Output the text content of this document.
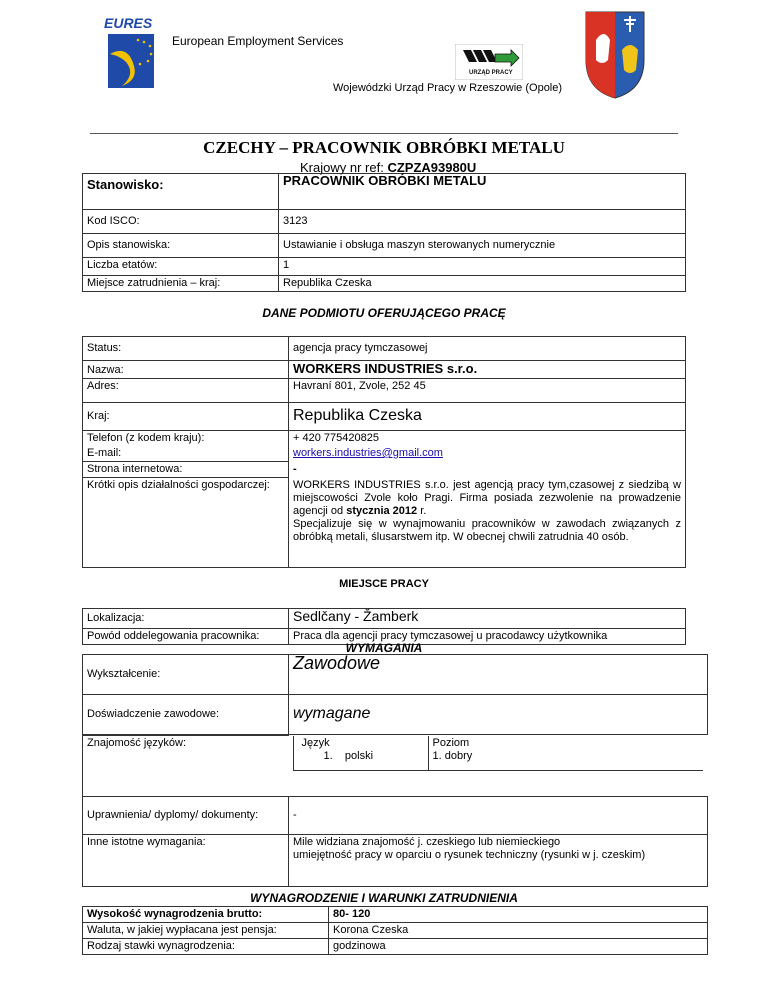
EURES
European Employment Services
URZĄD PRACY
Wojewódzki Urząd Pracy w Rzeszowie (Opole)
CZECHY – PRACOWNIK OBRÓBKI METALU
Krajowy nr ref: CZPZA93980U
Stanowisko:	PRACOWNIK OBRÓBKI METALU
Kod ISCO:	3123
Opis stanowiska:	Ustawianie i obsługa maszyn sterowanych numerycznie
Liczba etatów:	1
Miejsce zatrudnienia – kraj:	Republika Czeska
DANE PODMIOTU OFERUJĄCEGO PRACĘ
Status:	agencja pracy tymczasowej
Nazwa:	WORKERS INDUSTRIES s.r.o.
Adres:	Havraní 801, Zvole, 252 45
Kraj:	Republika Czeska
Telefon (z kodem kraju):	+ 420 775420825
E-mail:	workers.industries@gmail.com
Strona internetowa:	-
Krótki opis działalności gospodarczej:	WORKERS INDUSTRIES s.r.o. jest agencją pracy tym,czasowej z siedzibą w miejscowości Zvole koło Pragi. Firma posiada zezwolenie na prowadzenie agencji od stycznia 2012 r.
Specjalizuje się w wynajmowaniu pracowników w zawodach związanych z obróbką metali, ślusarstwem itp. W obecnej chwili zatrudnia 40 osób.
MIEJSCE PRACY
Lokalizacja:	Sedlčany - Žamberk
Powód oddelegowania pracownika:	Praca dla agencji pracy tymczasowej u pracodawcy użytkownika
WYMAGANIA
Wykształcenie:	Zawodowe
Doświadczenie zawodowe:	wymagane
Znajomość języków:		Język
1. polski

Poziom
1. dobry

Uprawnienia/ dyplomy/ dokumenty:	-
Inne istotne wymagania:	Mile widziana znajomość j. czeskiego lub niemieckiego
umiejętność pracy w oparciu o rysunek techniczny (rysunki w j. czeskim)
WYNAGRODZENIE I WARUNKI ZATRUDNIENIA
Wysokość wynagrodzenia brutto:	80- 120
Waluta, w jakiej wypłacana jest pensja:	Korona Czeska
Rodzaj stawki wynagrodzenia:	godzinowa
